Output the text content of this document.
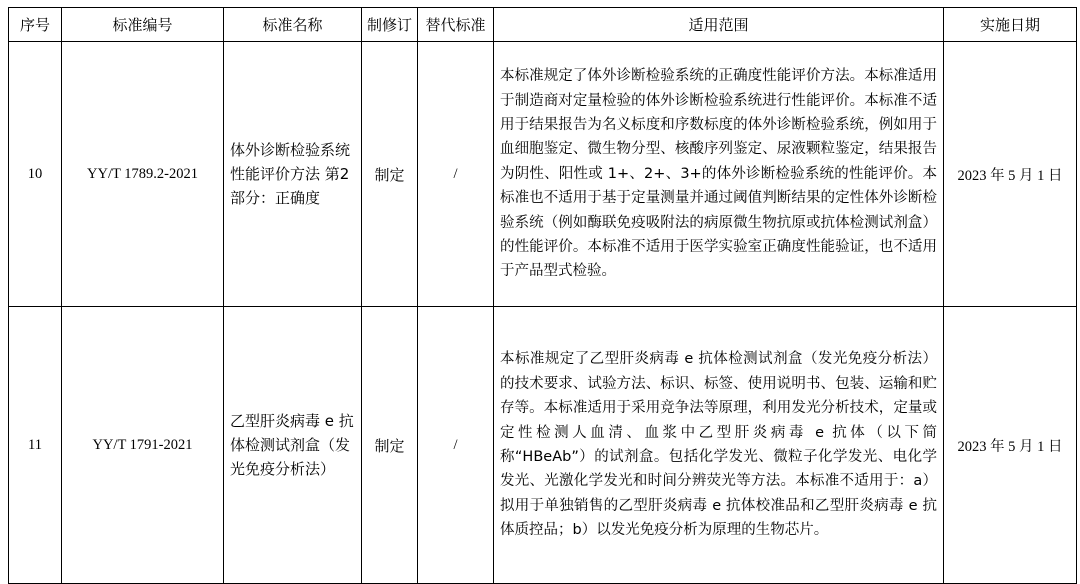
序号	标准编号	标准名称	制修订	替代标准	适用范围	实施日期
10	YY/T 1789.2-2021	体外诊断检验系统性能评价方法 第2部分：正确度	制定	/	本标准规定了体外诊断检验系统的正确度性能评价方法。本标准适用于制造商对定量检验的体外诊断检验系统进行性能评价。本标准不适用于结果报告为名义标度和序数标度的体外诊断检验系统，例如用于血细胞鉴定、微生物分型、核酸序列鉴定、尿液颗粒鉴定，结果报告为阴性、阳性或 1+、2+、3+的体外诊断检验系统的性能评价。本标准也不适用于基于定量测量并通过阈值判断结果的定性体外诊断检验系统（例如酶联免疫吸附法的病原微生物抗原或抗体检测试剂盒）的性能评价。本标准不适用于医学实验室正确度性能验证，也不适用于产品型式检验。	2023 年 5 月 1 日
11	YY/T 1791-2021	乙型肝炎病毒 e 抗体检测试剂盒（发光免疫分析法）	制定	/	本标准规定了乙型肝炎病毒 e 抗体检测试剂盒（发光免疫分析法）的技术要求、试验方法、标识、标签、使用说明书、包装、运输和贮存等。本标准适用于采用竞争法等原理，利用发光分析技术，定量或定性检测人血清、血浆中乙型肝炎病毒 e 抗体（以下简称“HBeAb”）的试剂盒。包括化学发光、微粒子化学发光、电化学发光、光激化学发光和时间分辨荧光等方法。本标准不适用于：a）拟用于单独销售的乙型肝炎病毒 e 抗体校准品和乙型肝炎病毒 e 抗体质控品；b）以发光免疫分析为原理的生物芯片。	2023 年 5 月 1 日
